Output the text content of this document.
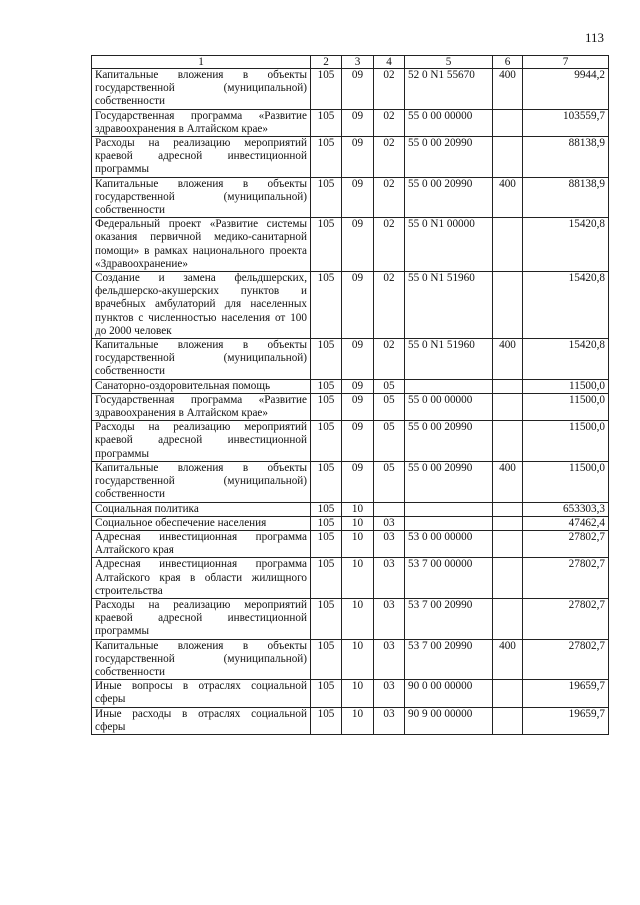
113
1	2	3	4	5	6	7
Капитальные вложения в объекты государственной (муниципальной) собственности	105	09	02	52 0 N1 55670	400	9944,2
Государственная программа «Развитие здравоохранения в Алтайском крае»	105	09	02	55 0 00 00000		103559,7
Расходы на реализацию мероприятий краевой адресной инвестиционной программы	105	09	02	55 0 00 20990		88138,9
Капитальные вложения в объекты государственной (муниципальной) собственности	105	09	02	55 0 00 20990	400	88138,9
Федеральный проект «Развитие системы оказания первичной медико-санитарной помощи» в рамках национального проекта «Здравоохранение»	105	09	02	55 0 N1 00000		15420,8
Создание и замена фельдшерских, фельдшерско-акушерских пунктов и врачебных амбулаторий для населенных пунктов с численностью населения от 100 до 2000 человек	105	09	02	55 0 N1 51960		15420,8
Капитальные вложения в объекты государственной (муниципальной) собственности	105	09	02	55 0 N1 51960	400	15420,8
Санаторно-оздоровительная помощь	105	09	05			11500,0
Государственная программа «Развитие здравоохранения в Алтайском крае»	105	09	05	55 0 00 00000		11500,0
Расходы на реализацию мероприятий краевой адресной инвестиционной программы	105	09	05	55 0 00 20990		11500,0
Капитальные вложения в объекты государственной (муниципальной) собственности	105	09	05	55 0 00 20990	400	11500,0
Социальная политика	105	10				653303,3
Социальное обеспечение населения	105	10	03			47462,4
Адресная инвестиционная программа Алтайского края	105	10	03	53 0 00 00000		27802,7
Адресная инвестиционная программа Алтайского края в области жилищного строительства	105	10	03	53 7 00 00000		27802,7
Расходы на реализацию мероприятий краевой адресной инвестиционной программы	105	10	03	53 7 00 20990		27802,7
Капитальные вложения в объекты государственной (муниципальной) собственности	105	10	03	53 7 00 20990	400	27802,7
Иные вопросы в отраслях социальной сферы	105	10	03	90 0 00 00000		19659,7
Иные расходы в отраслях социальной сферы	105	10	03	90 9 00 00000		19659,7
